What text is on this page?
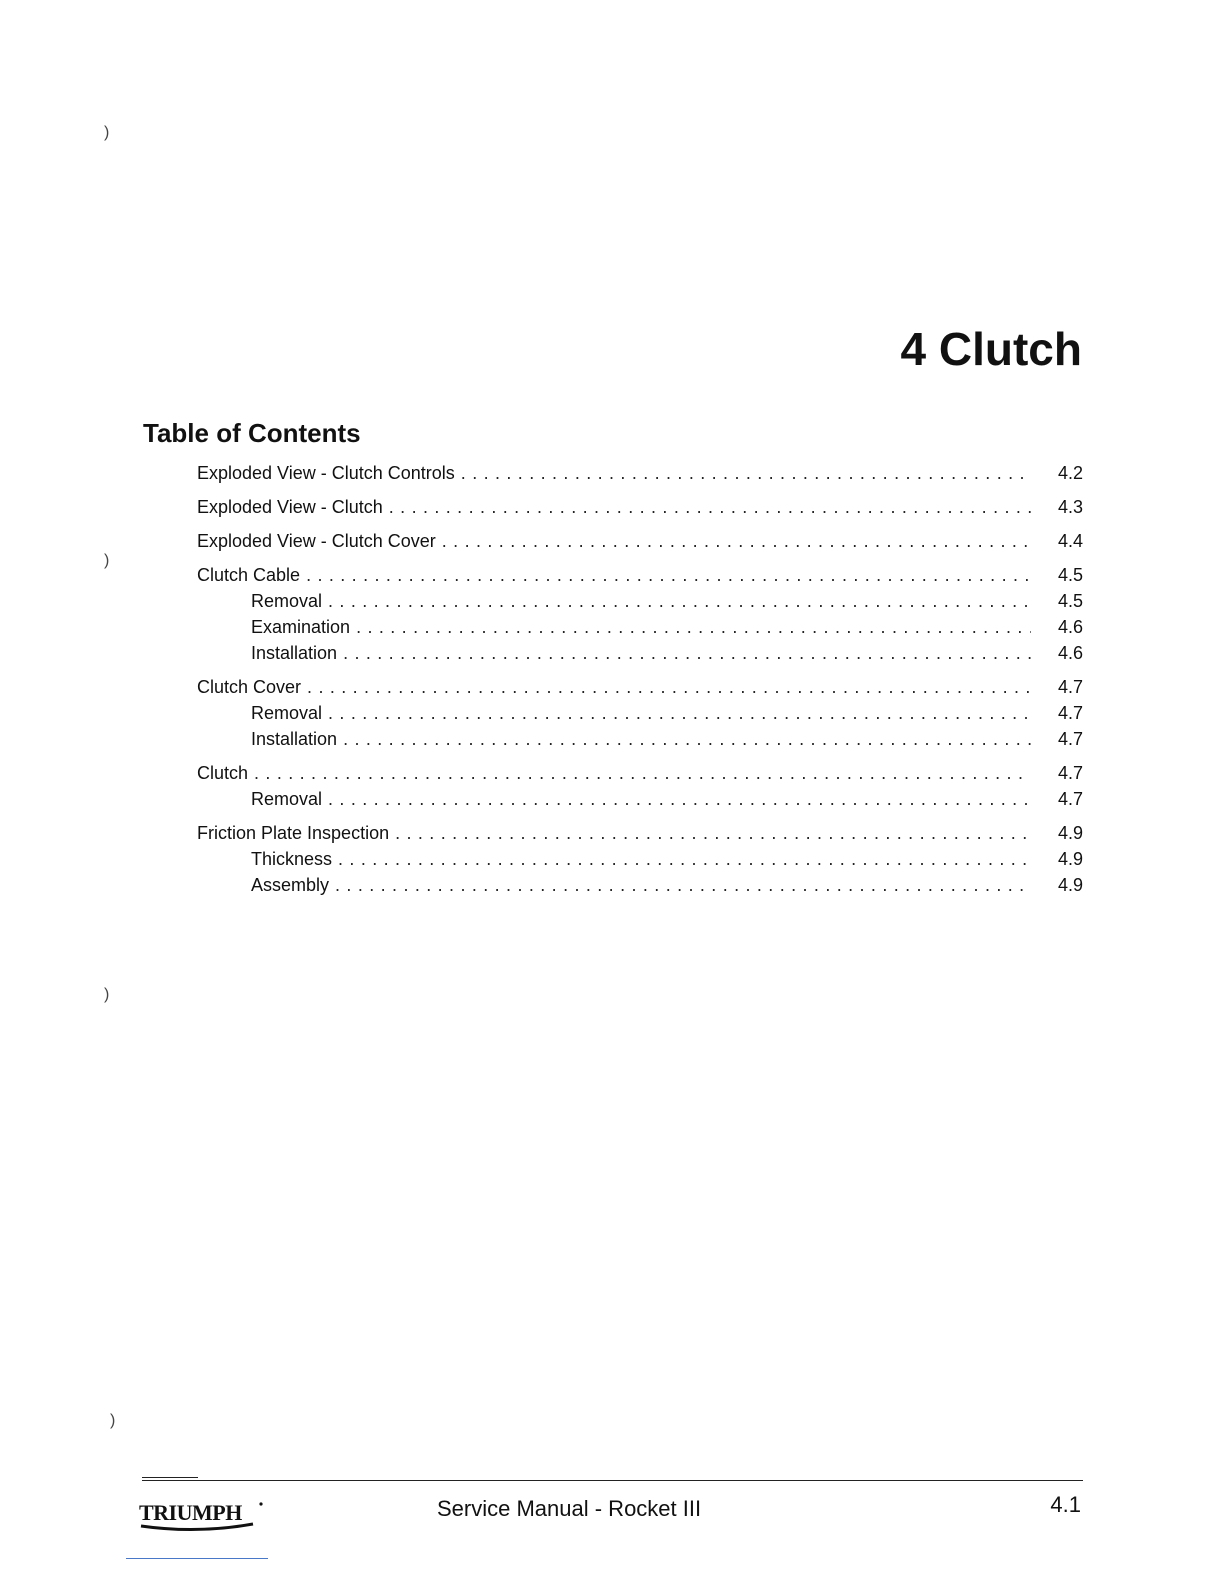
)
)
)
)
4 Clutch
Table of Contents
Exploded View - Clutch Controls . . .	4.2
Exploded View - Clutch . . .	4.3
Exploded View - Clutch Cover . . .	4.4
Clutch Cable . . .	4.5
Removal . . .	4.5
Examination . . .	4.6
Installation . . .	4.6
Clutch Cover . . .	4.7
Removal . . .	4.7
Installation . . .	4.7
Clutch . . .	4.7
Removal . . .	4.7
Friction Plate Inspection . . .	4.9
Thickness . . .	4.9
Assembly . . .	4.9
TRIUMPH	Service Manual - Rocket III	4.1
